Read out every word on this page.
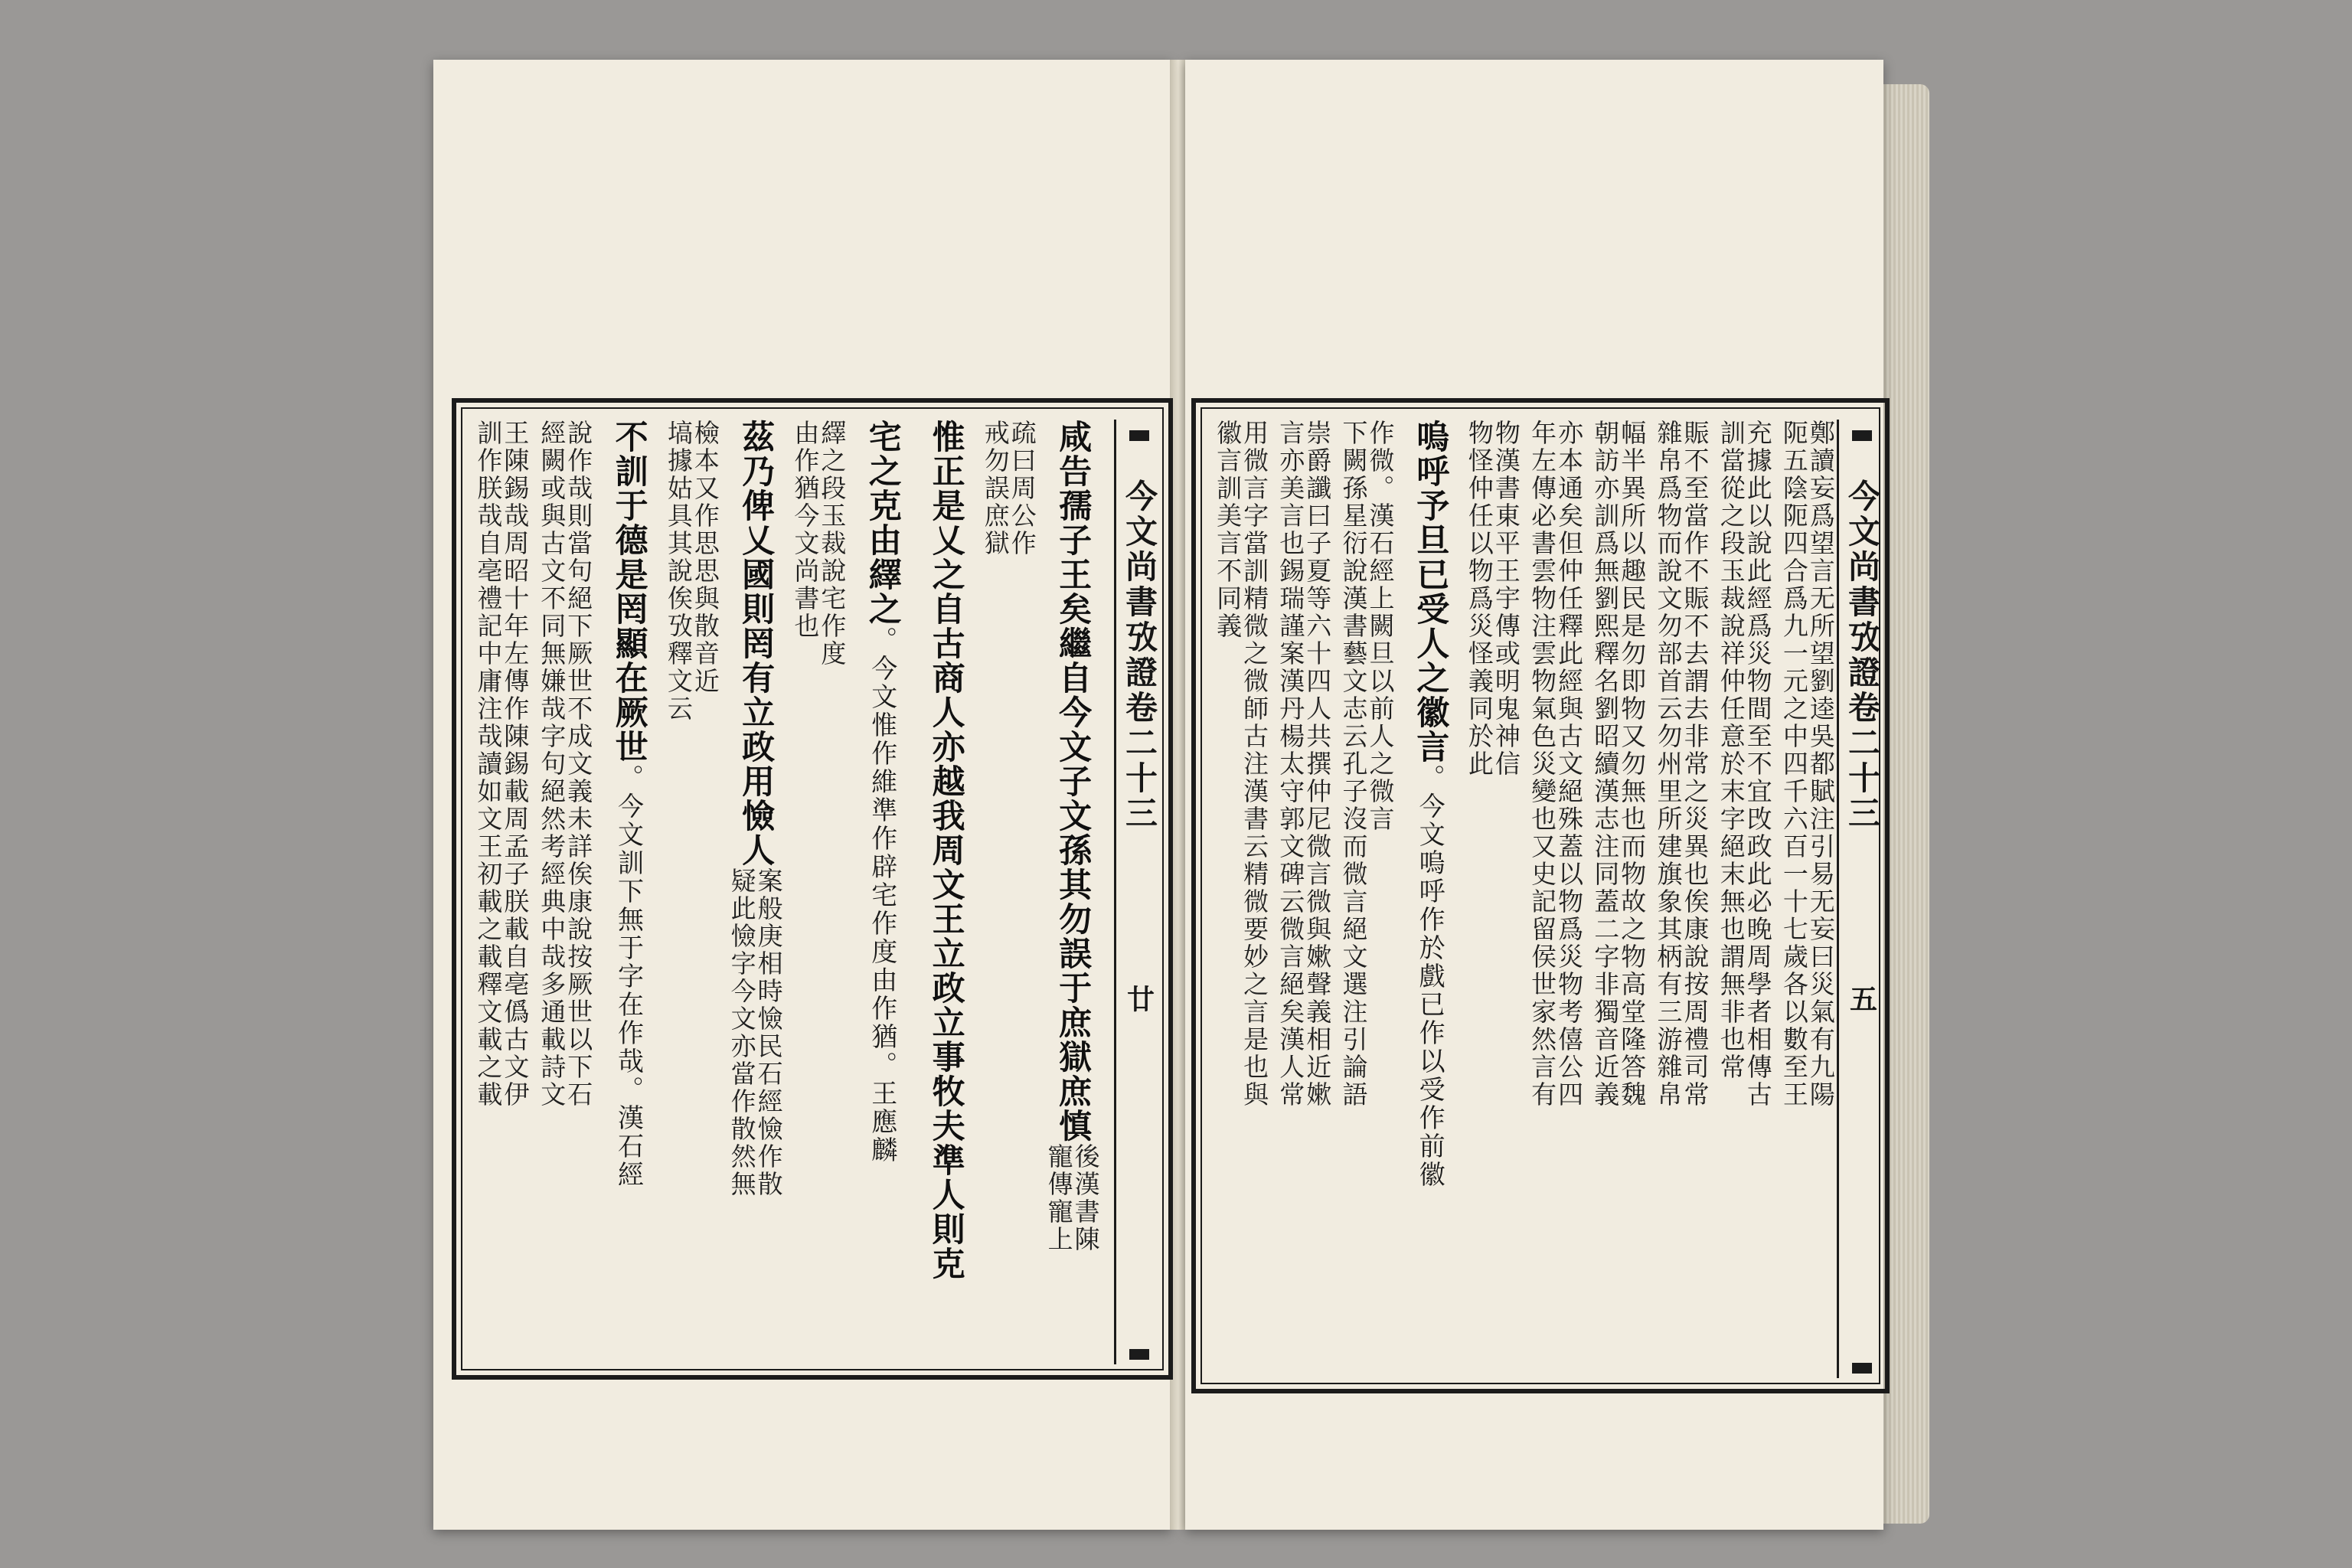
今文尚書攷證卷二十三
廿
咸告孺子王矣繼自今文子文孫其勿誤于庶獄庶慎
後漢書陳
寵傳寵上
疏曰周公作
戒勿誤庶獄
惟正是乂之自古商人亦越我周文王立政立事牧夫準人則克
宅之克由繹之
。今文惟作維準作辟宅作度由作猶。王應麟
繹之段玉裁說宅作度
由作猶今文尚書也
茲乃俾乂國則罔有立政用憸人
案般庚相時憸民石經憸作散
疑此憸字今文亦當作散然無
檢本又作思思與散音近
塙據姑具其說俟攷釋文云
不訓于德是罔顯在厥世
。今文訓下無于字在作哉。漢石經
說作哉則當句絕下厥世不成文義未詳俟康說按厥世以下石
經闕或與古文不同無嫌哉字句絕然考經典中哉多通載詩文
王陳錫哉周昭十年左傳作陳錫載周孟子朕載自亳僞古文伊
訓作朕哉自亳禮記中庸注哉讀如文王初載之載釋文載之載	今文尚書攷證卷二十三
五
鄭讀妄爲望言无所望劉逵吳都賦注引易无妄曰災氣有九陽
阨五陰阨四合爲九一元之中四千六百一十七歲各以數至王
充據此以說此經爲災物間至不宜攺政此必晚周學者相傳古
訓當從之段玉裁說祥仲任意於末字絕末無也謂無非也常
賑不至當作不賑不去謂去非常之災異也俟康說按周禮司常
雜帛爲物而說文勿部首云勿州里所建旗象其柄有三游雜帛
幅半異所以趣民是勿即物又勿無也而物故之物高堂隆答魏
朝訪亦訓爲無劉熙釋名劉昭續漢志注同蓋二字非獨音近義
亦本通矣但仲任釋此經與古文絕殊蓋以物爲災物考僖公四
年左傳必書雲物注雲物氣色災變也又史記留侯世家然言有
物漢書東平王宇傳或明鬼神信
物怪仲任以物爲災怪義同於此
嗚呼予旦已受人之徽言
。今文嗚呼作於戲已作以受作前徽
作微。漢石經上闕旦以前人之微言
下闕孫星衍說漢書藝文志云孔子沒而微言絕文選注引論語
崇爵讖曰子夏等六十四人共撰仲尼微言微與嫰聲義相近嫰
言亦美言也錫瑞謹案漢丹楊太守郭文碑云微言絕矣漢人常
用微言字當訓精微之微師古注漢書云精微要妙之言是也與
徽言訓美言不同義
